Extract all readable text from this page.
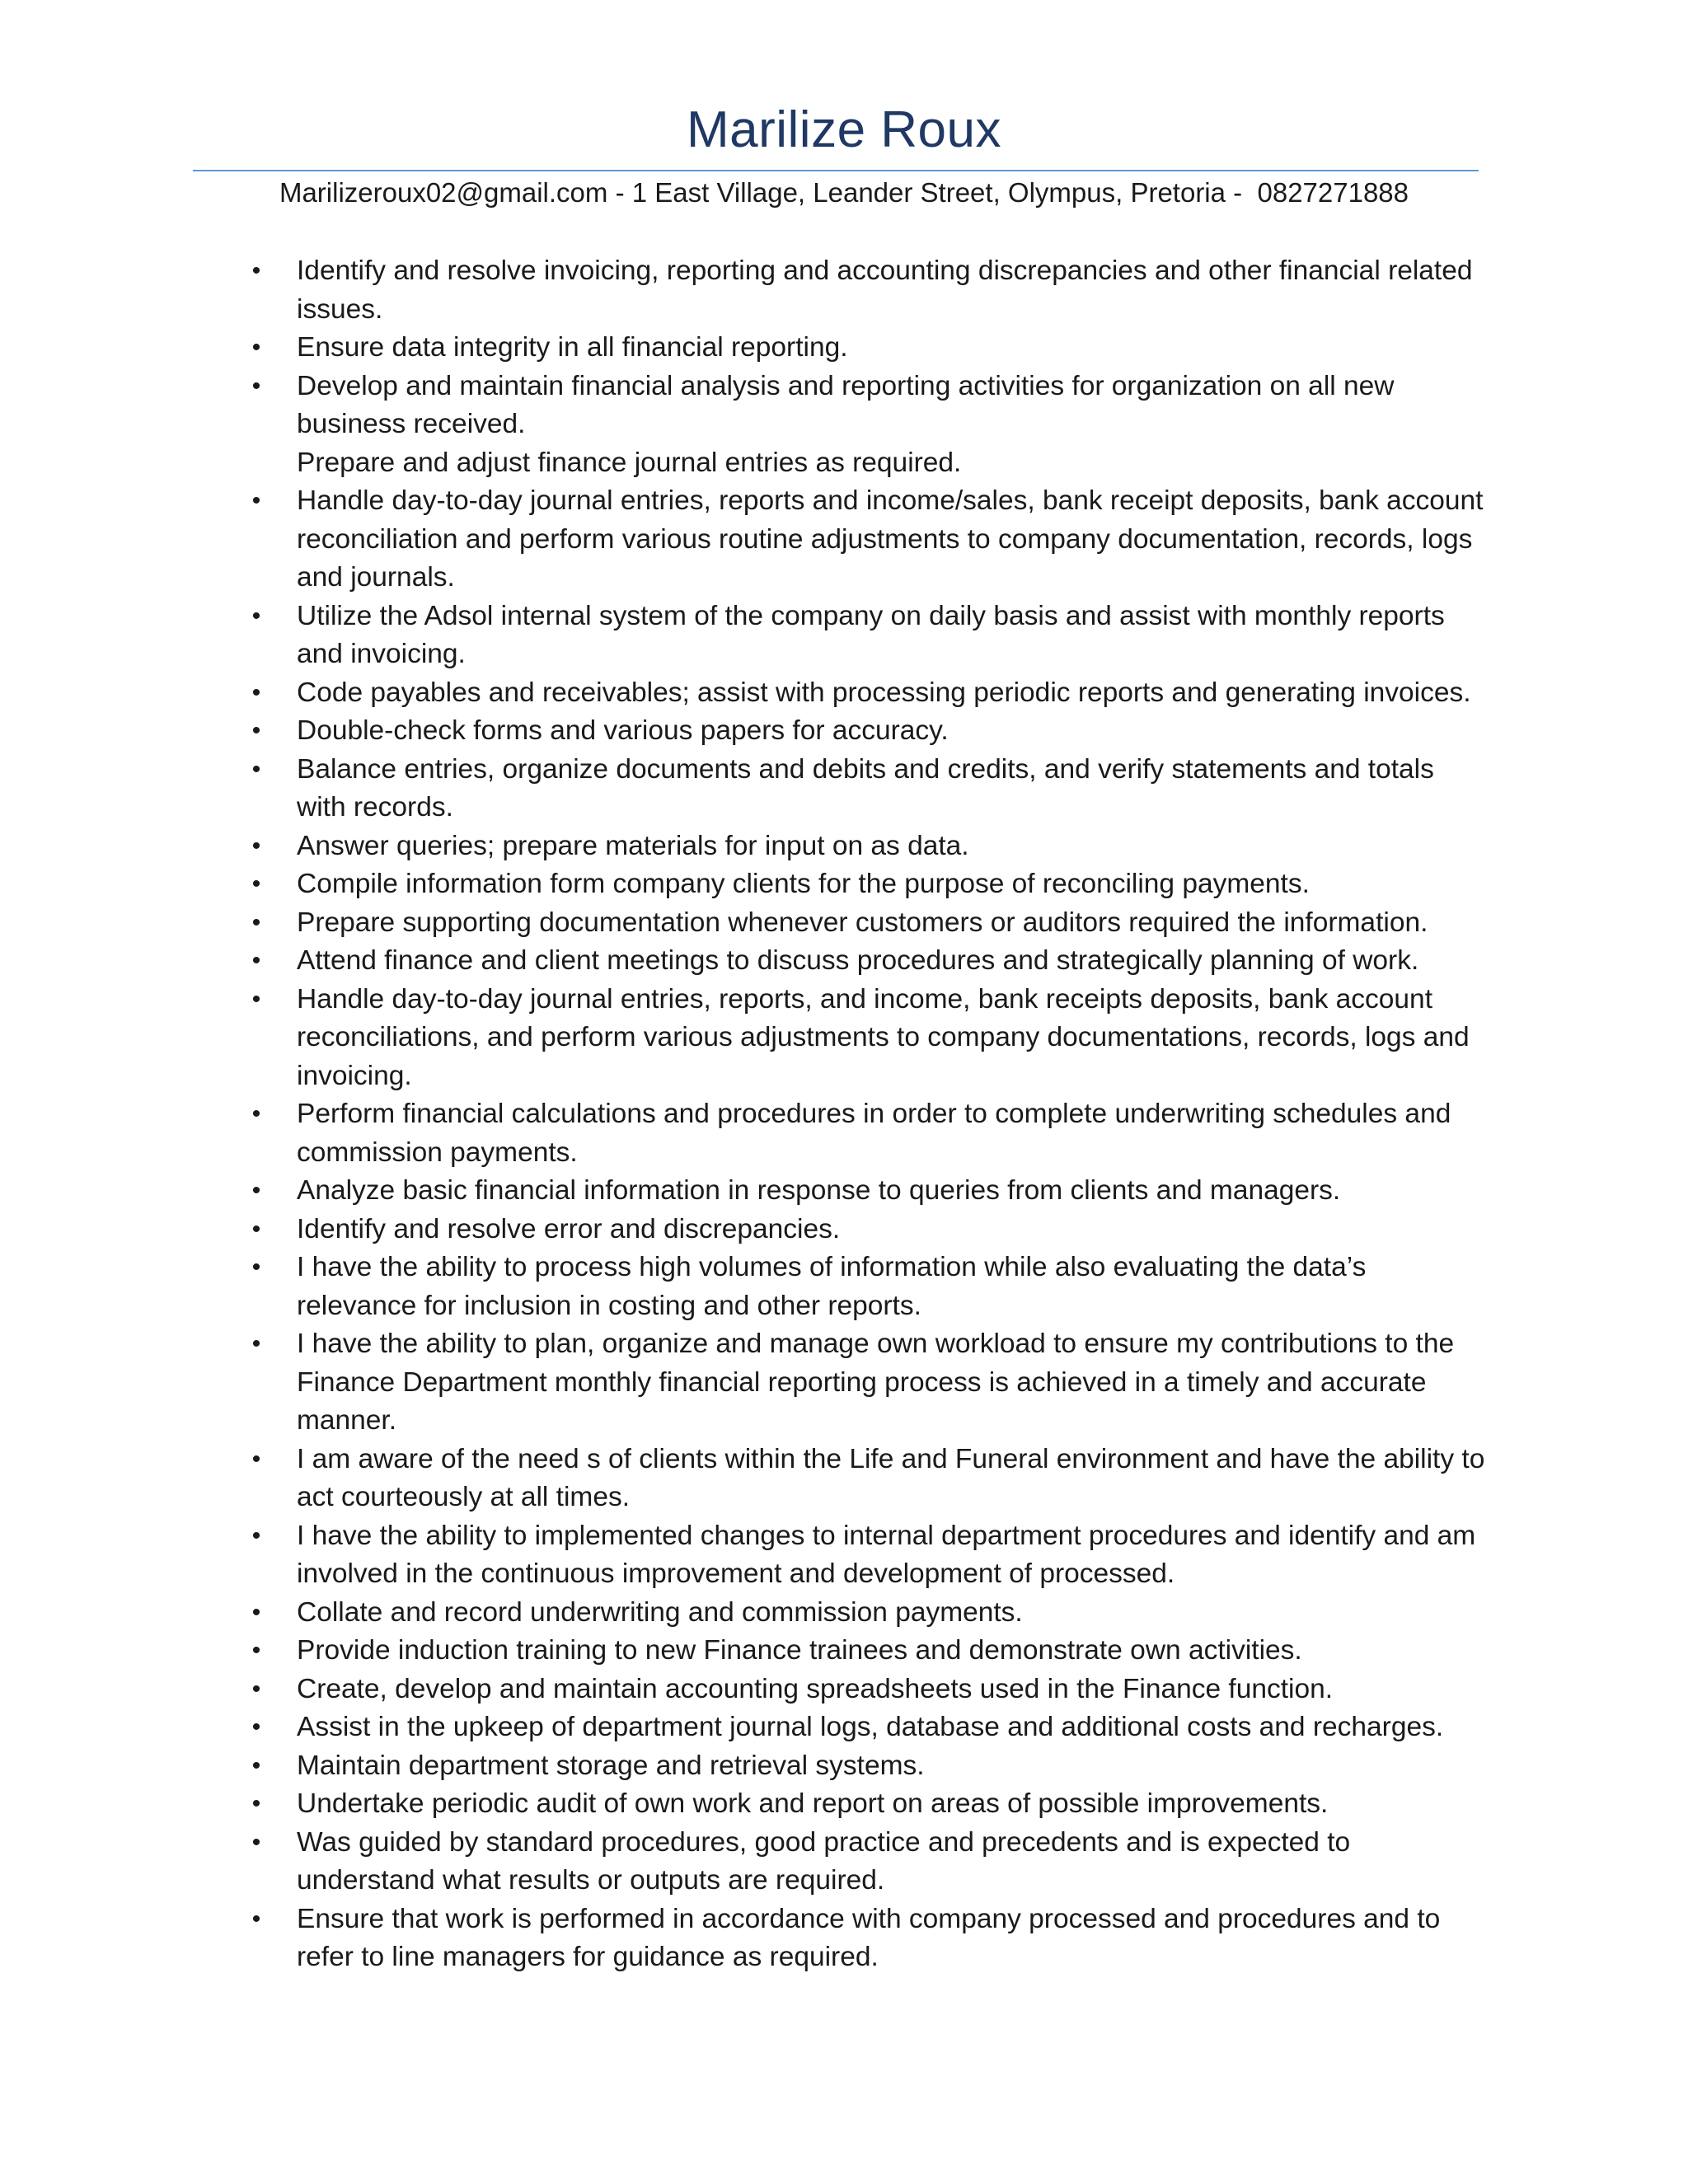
Marilize Roux
Marilizeroux02@gmail.com - 1 East Village, Leander Street, Olympus, Pretoria -  0827271888
• Identify and resolve invoicing, reporting and accounting discrepancies and other financial related issues.
• Ensure data integrity in all financial reporting.
• Develop and maintain financial analysis and reporting activities for organization on all new business received.
Prepare and adjust finance journal entries as required.
• Handle day-to-day journal entries, reports and income/sales, bank receipt deposits, bank account reconciliation and perform various routine adjustments to company documentation, records, logs and journals.
• Utilize the Adsol internal system of the company on daily basis and assist with monthly reports and invoicing.
• Code payables and receivables; assist with processing periodic reports and generating invoices.
• Double-check forms and various papers for accuracy.
• Balance entries, organize documents and debits and credits, and verify statements and totals with records.
• Answer queries; prepare materials for input on as data.
• Compile information form company clients for the purpose of reconciling payments.
• Prepare supporting documentation whenever customers or auditors required the information.
• Attend finance and client meetings to discuss procedures and strategically planning of work.
• Handle day-to-day journal entries, reports, and income, bank receipts deposits, bank account reconciliations, and perform various adjustments to company documentations, records, logs and invoicing.
• Perform financial calculations and procedures in order to complete underwriting schedules and commission payments.
• Analyze basic financial information in response to queries from clients and managers.
• Identify and resolve error and discrepancies.
• I have the ability to process high volumes of information while also evaluating the data’s relevance for inclusion in costing and other reports.
• I have the ability to plan, organize and manage own workload to ensure my contributions to the Finance Department monthly financial reporting process is achieved in a timely and accurate manner.
• I am aware of the need s of clients within the Life and Funeral environment and have the ability to act courteously at all times.
• I have the ability to implemented changes to internal department procedures and identify and am involved in the continuous improvement and development of processed.
• Collate and record underwriting and commission payments.
• Provide induction training to new Finance trainees and demonstrate own activities.
• Create, develop and maintain accounting spreadsheets used in the Finance function.
• Assist in the upkeep of department journal logs, database and additional costs and recharges.
• Maintain department storage and retrieval systems.
• Undertake periodic audit of own work and report on areas of possible improvements.
• Was guided by standard procedures, good practice and precedents and is expected to understand what results or outputs are required.
• Ensure that work is performed in accordance with company processed and procedures and to refer to line managers for guidance as required.
